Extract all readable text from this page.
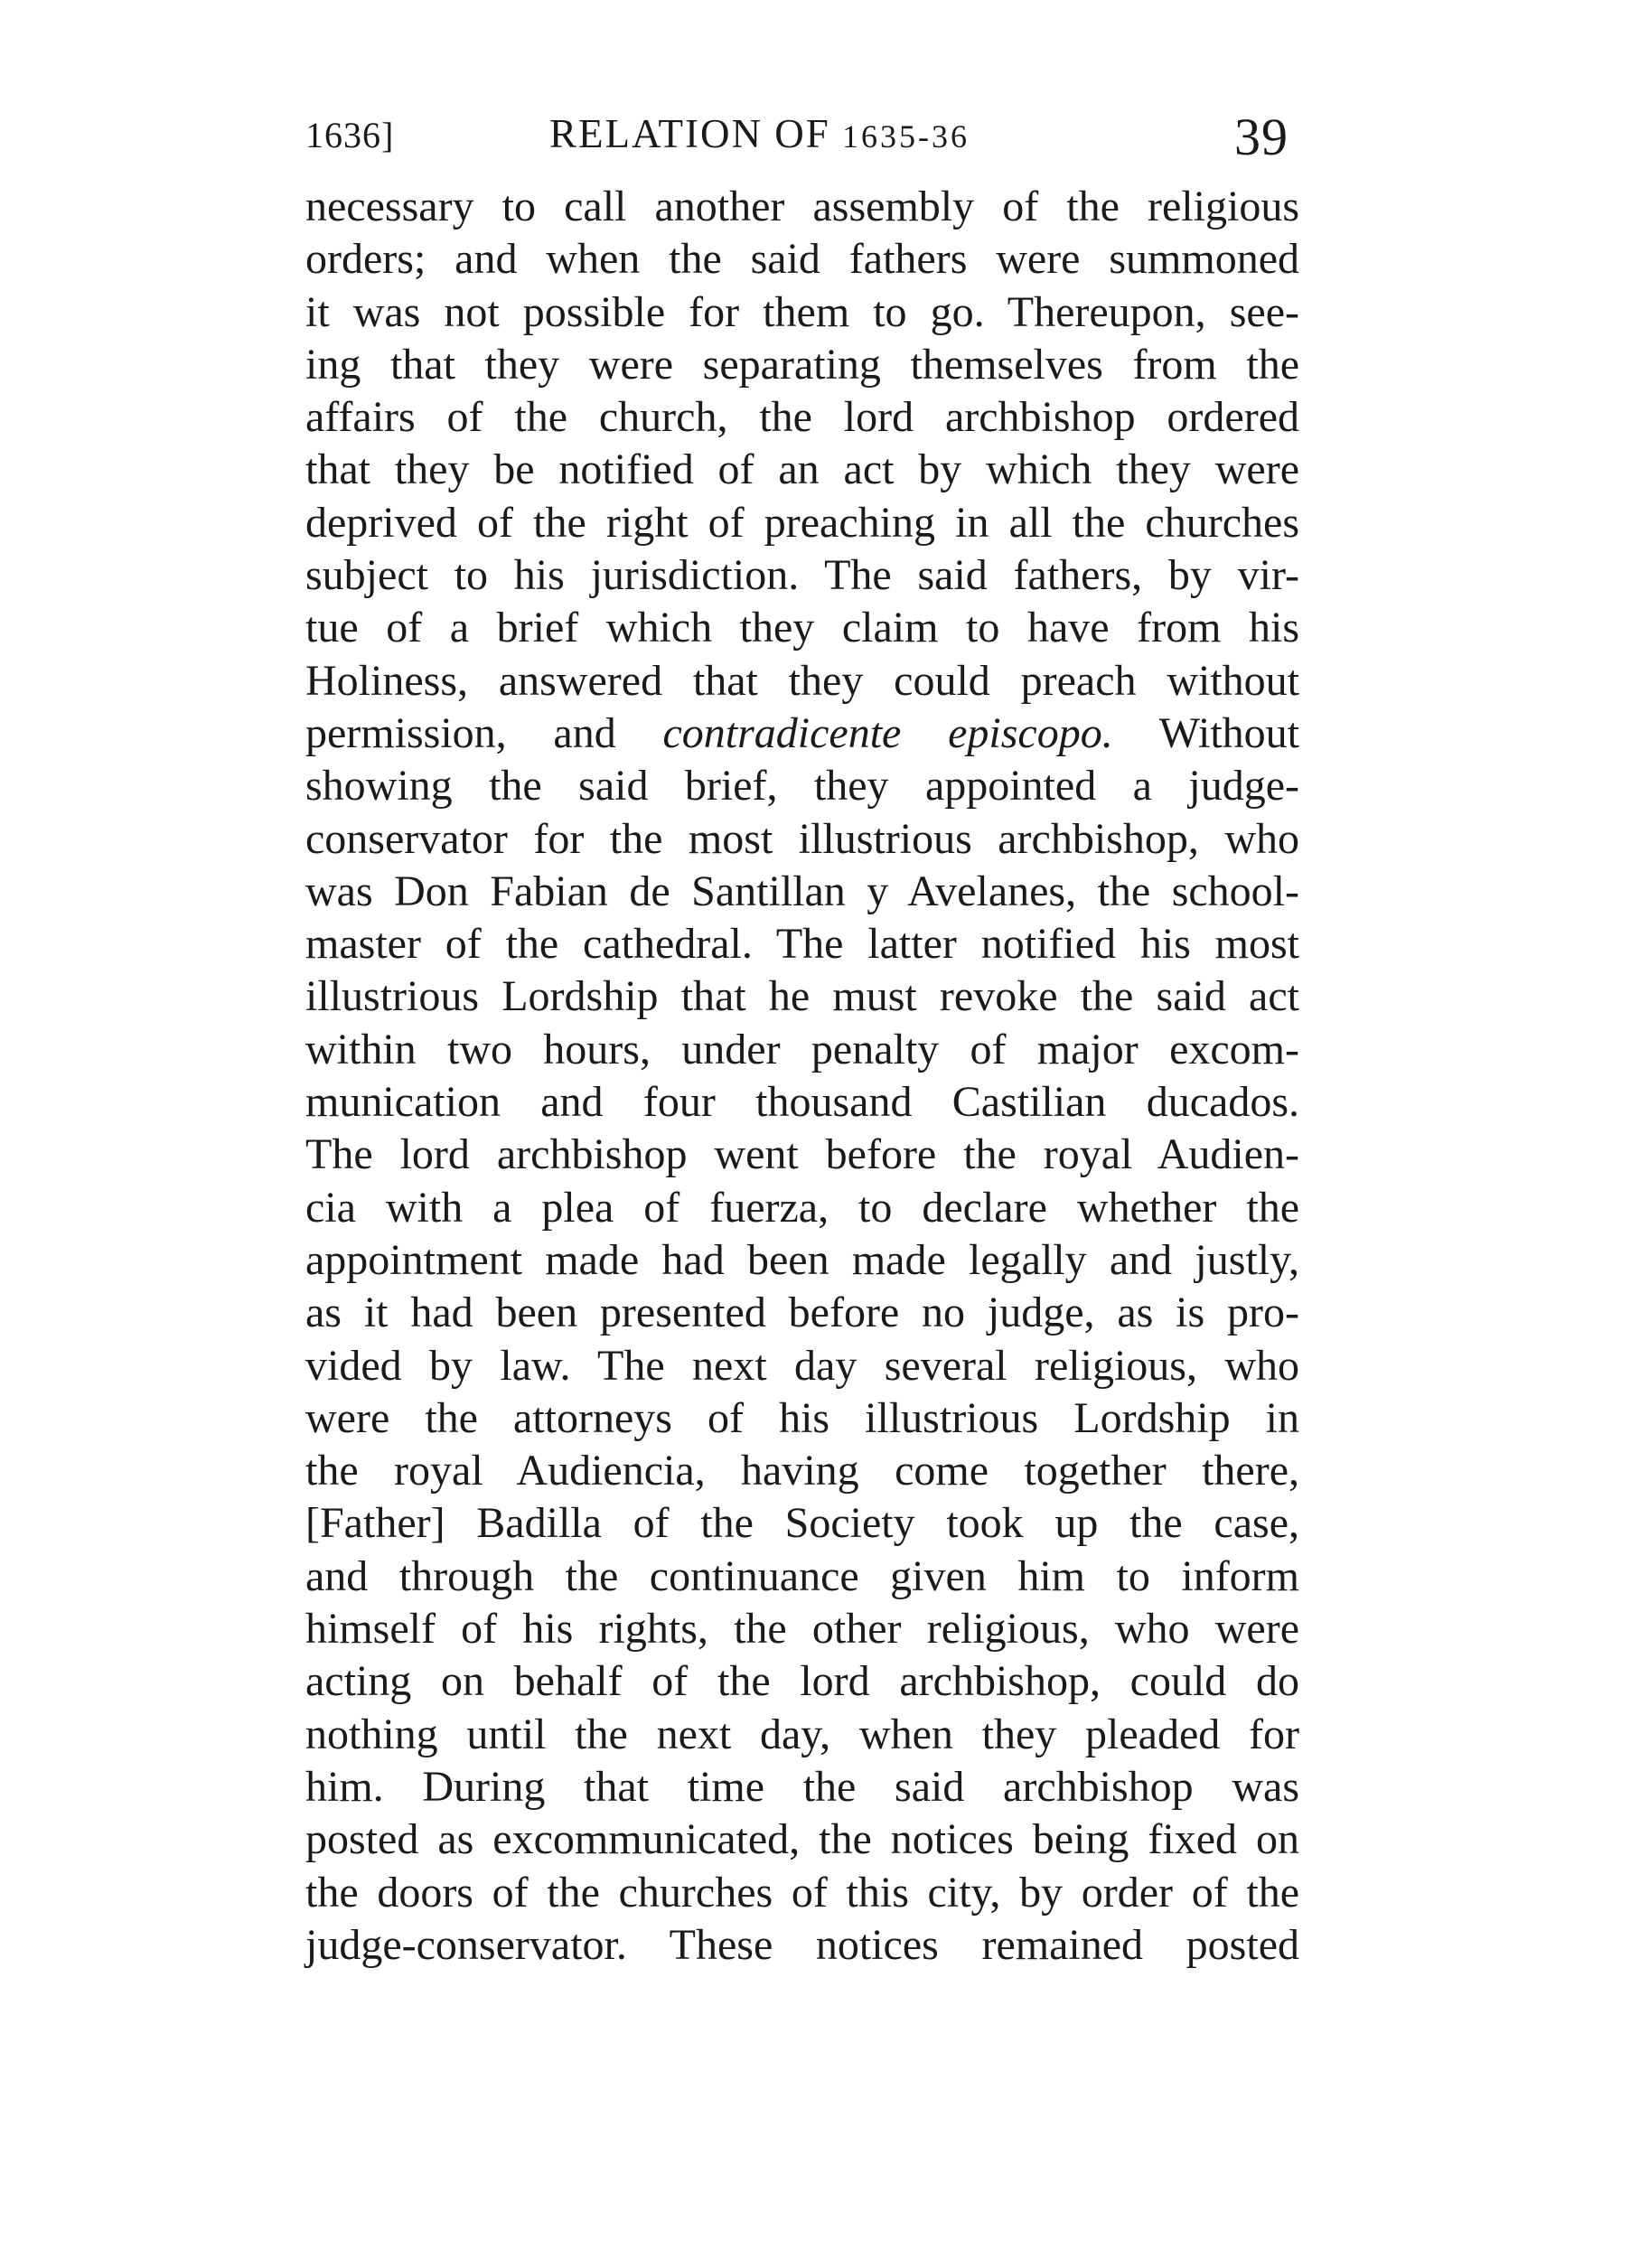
1636]	RELATION OF 1635-36	39
necessary to call another assembly of the religious
orders; and when the said fathers were summoned
it was not possible for them to go. Thereupon, see-
ing that they were separating themselves from the
affairs of the church, the lord archbishop ordered
that they be notified of an act by which they were
deprived of the right of preaching in all the churches
subject to his jurisdiction. The said fathers, by vir-
tue of a brief which they claim to have from his
Holiness, answered that they could preach without
permission, and contradicente episcopo. Without
showing the said brief, they appointed a judge-
conservator for the most illustrious archbishop, who
was Don Fabian de Santillan y Avelanes, the school-
master of the cathedral. The latter notified his most
illustrious Lordship that he must revoke the said act
within two hours, under penalty of major excom-
munication and four thousand Castilian ducados.
The lord archbishop went before the royal Audien-
cia with a plea of fuerza, to declare whether the
appointment made had been made legally and justly,
as it had been presented before no judge, as is pro-
vided by law. The next day several religious, who
were the attorneys of his illustrious Lordship in
the royal Audiencia, having come together there,
[Father] Badilla of the Society took up the case,
and through the continuance given him to inform
himself of his rights, the other religious, who were
acting on behalf of the lord archbishop, could do
nothing until the next day, when they pleaded for
him. During that time the said archbishop was
posted as excommunicated, the notices being fixed on
the doors of the churches of this city, by order of the
judge-conservator. These notices remained posted
